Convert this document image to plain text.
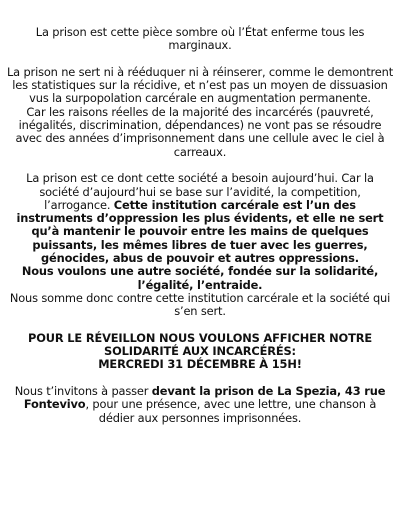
La prison est cette pièce sombre où l’État enferme tous les marginaux.

La prison ne sert ni à rééduquer ni à réinserer, comme le demontrent les statistiques sur la récidive, et n’est pas un moyen de dissuasion vus la surpopolation carcérale en augmentation permanente.

Car les raisons réelles de la majorité des incarcérés (pauvreté, inégalités, discrimination, dépendances) ne vont pas se résoudre avec des années d’imprisonnement dans une cellule avec le ciel à carreaux.

La prison est ce dont cette société a besoin aujourd’hui. Car la société d’aujourd’hui se base sur l’avidité, la competition, l’arrogance. Cette institution carcérale est l’un des instruments d’oppression les plus évidents, et elle ne sert qu’à mantenir le pouvoir entre les mains de quelques puissants, les mêmes libres de tuer avec les guerres, génocides, abus de pouvoir et autres oppressions.

Nous voulons une autre société, fondée sur la solidarité, l’égalité, l’entraide.

Nous somme donc contre cette institution carcérale et la société qui s’en sert.

POUR LE RÉVEILLON NOUS VOULONS AFFICHER NOTRE SOLIDARITÉ AUX INCARCÉRÉS:

MERCREDI 31 DÉCEMBRE À 15H!

Nous t’invitons à passer devant la prison de La Spezia, 43 rue Fontevivo, pour une présence, avec une lettre, une chanson à dédier aux personnes imprisonnées.
